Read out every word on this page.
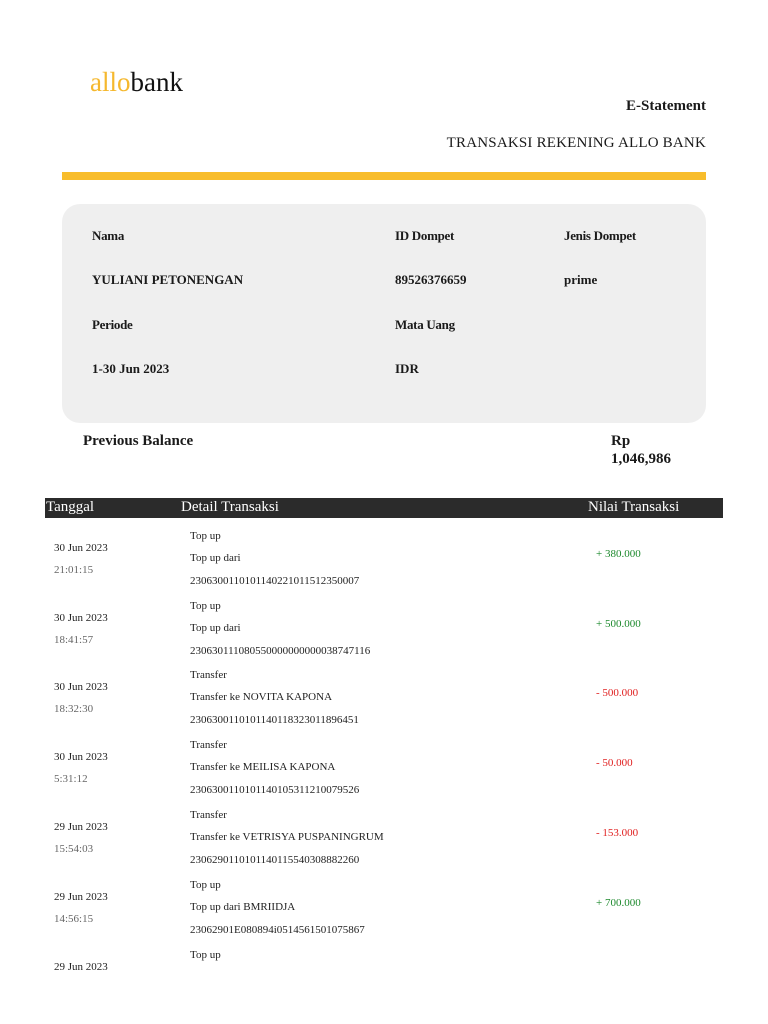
allobank
E-Statement
TRANSAKSI REKENING ALLO BANK
Nama	ID Dompet	Jenis Dompet
YULIANI PETONENGAN	89526376659	prime
Periode	Mata Uang
1-30 Jun 2023	IDR
Previous Balance	Rp
1,046,986
Tanggal	Detail Transaksi	Nilai Transaksi
30 Jun 2023
21:01:15
Top up
Top up dari
2306300110101140221011512350007
+ 380.000
30 Jun 2023
18:41:57
Top up
Top up dari
230630111080550000000000038747116
+ 500.000
30 Jun 2023
18:32:30
Transfer
Transfer ke NOVITA KAPONA
2306300110101140118323011896451
- 500.000
30 Jun 2023
5:31:12
Transfer
Transfer ke MEILISA KAPONA
2306300110101140105311210079526
- 50.000
29 Jun 2023
15:54:03
Transfer
Transfer ke VETRISYA PUSPANINGRUM
2306290110101140115540308882260
- 153.000
29 Jun 2023
14:56:15
Top up
Top up dari BMRIIDJA
23062901E080894i0514561501075867
+ 700.000
29 Jun 2023
Top up
